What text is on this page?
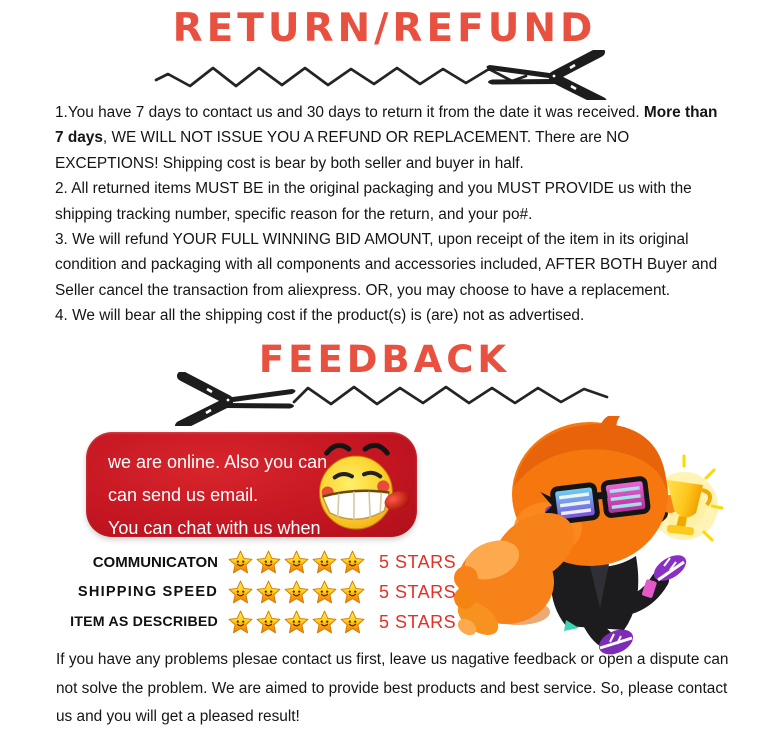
RETURN/REFUND

1.You have 7 days to contact us and 30 days to return it from the date it was received. More than 7 days, WE WILL NOT ISSUE YOU A REFUND OR REPLACEMENT. There are NO EXCEPTIONS! Shipping cost is bear by both seller and buyer in half.

2. All returned items MUST BE in the original packaging and you MUST PROVIDE us with the shipping tracking number, specific reason for the return, and your po#.

3. We will refund YOUR FULL WINNING BID AMOUNT, upon receipt of the item in its original condition and packaging with all components and accessories included, AFTER BOTH Buyer and Seller cancel the transaction from aliexpress. OR, you may choose to have a replacement.

4. We will bear all the shipping cost if the product(s) is (are) not as advertised.

FEEDBACK
we are online. Also you can
can send us email.
You can chat with us when
COMMUNICATON	5 STARS
SHIPPING SPEED	5 STARS
ITEM AS DESCRIBED	5 STARS

If you have any problems plesae contact us first, leave us nagative feedback or open a dispute can not solve the problem. We are aimed to provide best products and best service. So, please contact us and you will get a pleased result!
